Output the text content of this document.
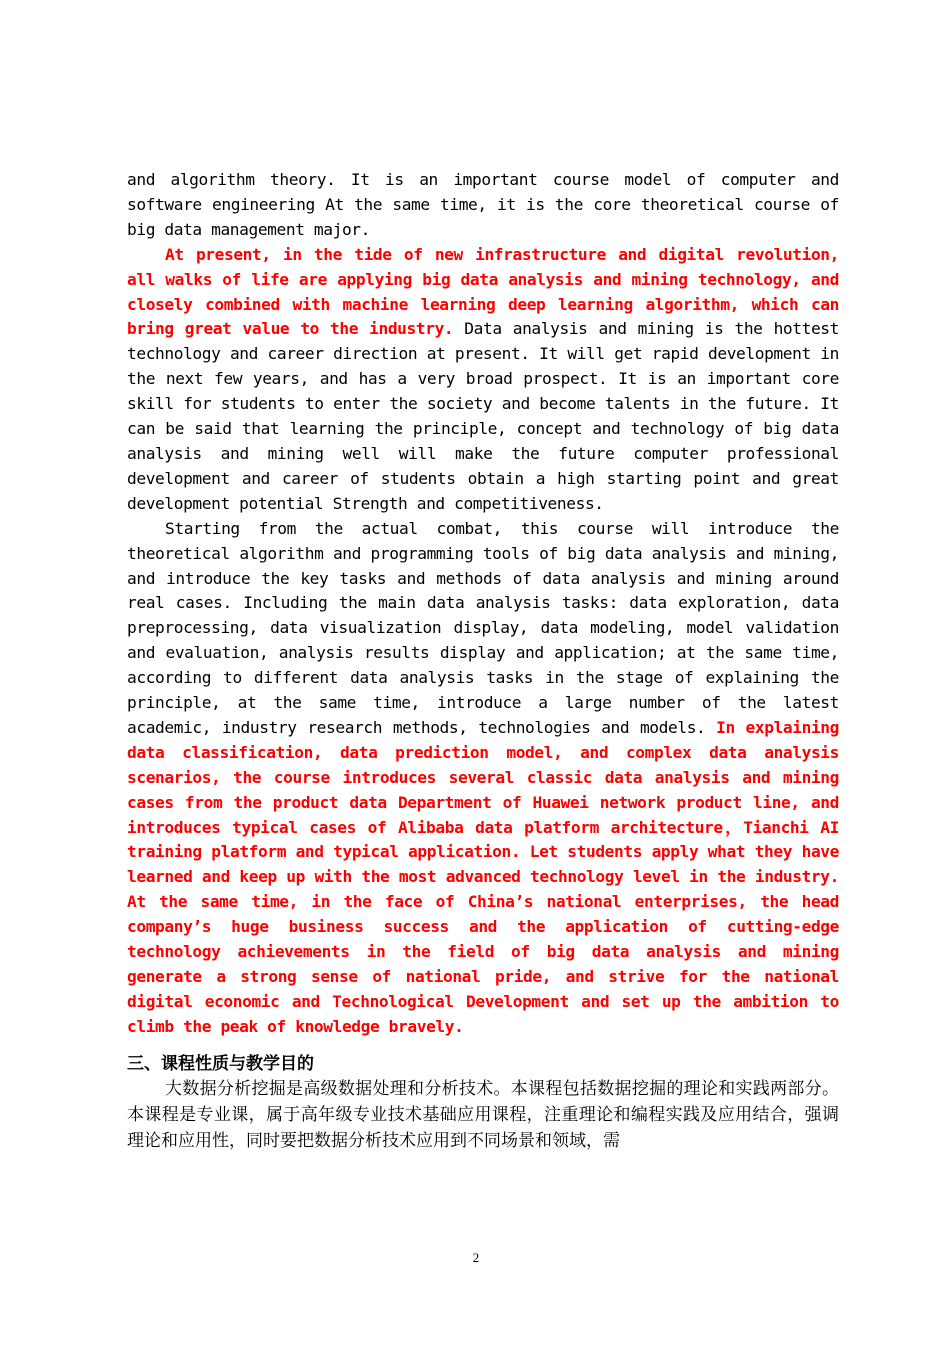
and algorithm theory. It is an important course model of computer and software engineering At the same time, it is the core theoretical course of big data management major.

At present, in the tide of new infrastructure and digital revolution, all walks of life are applying big data analysis and mining technology, and closely combined with machine learning deep learning algorithm, which can bring great value to the industry. Data analysis and mining is the hottest technology and career direction at present. It will get rapid development in the next few years, and has a very broad prospect. It is an important core skill for students to enter the society and become talents in the future. It can be said that learning the principle, concept and technology of big data analysis and mining well will make the future computer professional development and career of students obtain a high starting point and great development potential Strength and competitiveness.

Starting from the actual combat, this course will introduce the theoretical algorithm and programming tools of big data analysis and mining, and introduce the key tasks and methods of data analysis and mining around real cases. Including the main data analysis tasks: data exploration, data preprocessing, data visualization display, data modeling, model validation and evaluation, analysis results display and application; at the same time, according to different data analysis tasks in the stage of explaining the principle, at the same time, introduce a large number of the latest academic, industry research methods, technologies and models. In explaining data classification, data prediction model, and complex data analysis scenarios, the course introduces several classic data analysis and mining cases from the product data Department of Huawei network product line, and introduces typical cases of Alibaba data platform architecture，Tianchi AI training platform and typical application. Let students apply what they have learned and keep up with the most advanced technology level in the industry. At the same time, in the face of China’s national enterprises, the head company’s huge business success and the application of cutting-edge technology achievements in the field of big data analysis and mining generate a strong sense of national pride, and strive for the national digital economic and Technological Development and set up the ambition to climb the peak of knowledge bravely.

三、课程性质与教学目的

大数据分析挖掘是高级数据处理和分析技术。本课程包括数据挖掘的理论和实践两部分。本课程是专业课，属于高年级专业技术基础应用课程，注重理论和编程实践及应用结合，强调理论和应用性，同时要把数据分析技术应用到不同场景和领域，需

2
